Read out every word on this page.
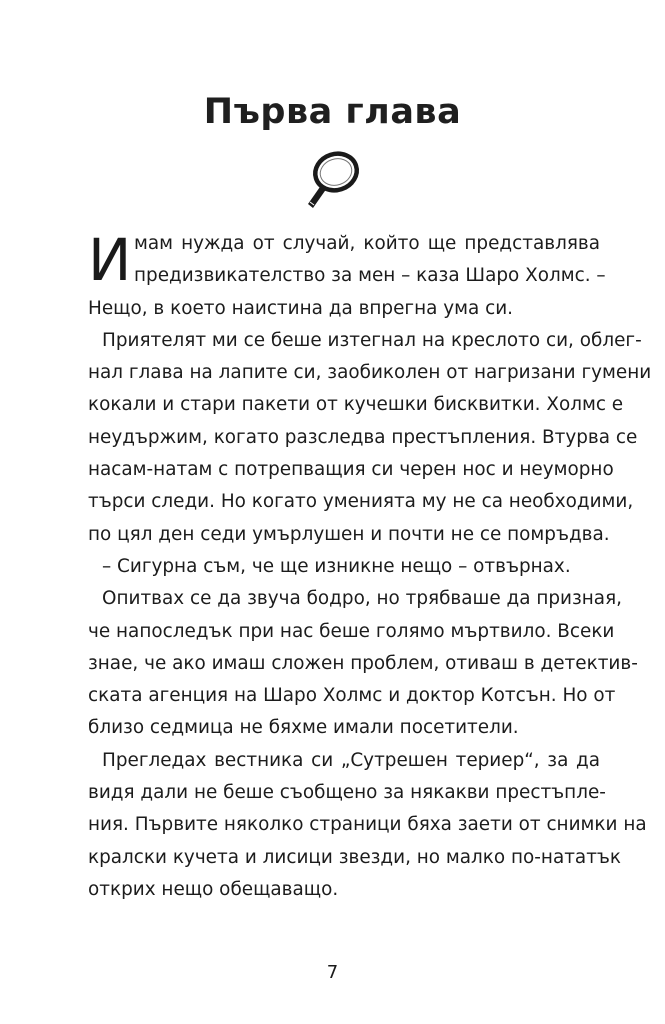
Първа глава
И мам нужда от случай, който ще представлява
предизвикателство за мен – каза Шаро Холмс. –
Нещо, в което наистина да впрегна ума си.
Приятелят ми се беше изтегнал на креслото си, облег-
нал глава на лапите си, заобиколен от нагризани гумени
кокали и стари пакети от кучешки бисквитки. Холмс е
неудържим, когато разследва престъпления. Втурва се
насам-натам с потрепващия си черен нос и неуморно
търси следи. Но когато уменията му не са необходими,
по цял ден седи умърлушен и почти не се помръдва.
– Сигурна съм, че ще изникне нещо – отвърнах.
Опитвах се да звуча бодро, но трябваше да призная,
че напоследък при нас беше голямо мъртвило. Всеки
знае, че ако имаш сложен проблем, отиваш в детектив-
ската агенция на Шаро Холмс и доктор Котсън. Но от
близо седмица не бяхме имали посетители.
Прегледах вестника си „Сутрешен териер“, за да
видя дали не беше съобщено за някакви престъпле-
ния. Първите няколко страници бяха заети от снимки на
кралски кучета и лисици звезди, но малко по-нататък
открих нещо обещаващо.
7
